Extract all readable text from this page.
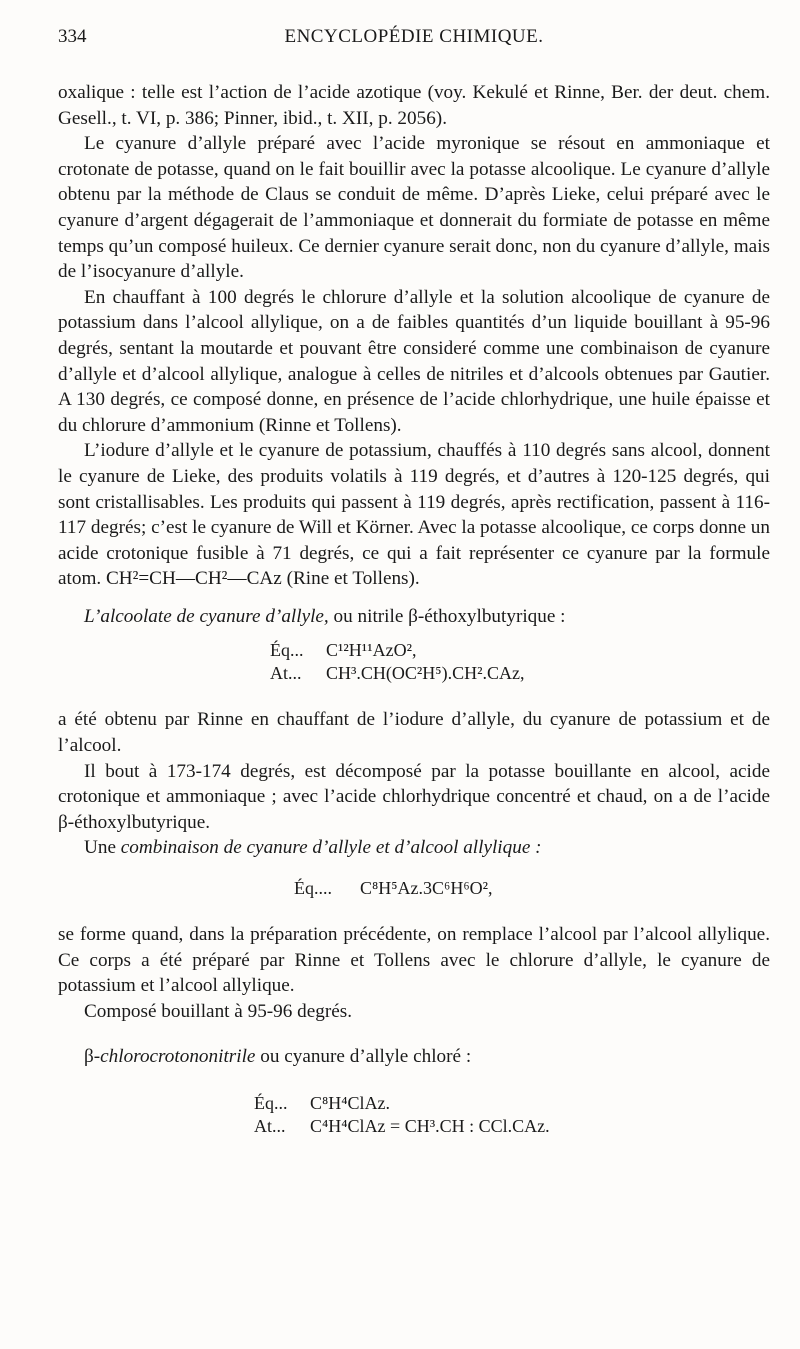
334	ENCYCLOPÉDIE CHIMIQUE.

oxalique : telle est l’action de l’acide azotique (voy. Kekulé et Rinne, Ber. der deut. chem. Gesell., t. VI, p. 386; Pinner, ibid., t. XII, p. 2056).

Le cyanure d’allyle préparé avec l’acide myronique se résout en ammoniaque et crotonate de potasse, quand on le fait bouillir avec la potasse alcoolique. Le cyanure d’allyle obtenu par la méthode de Claus se conduit de même. D’après Lieke, celui préparé avec le cyanure d’argent dégagerait de l’ammoniaque et donnerait du formiate de potasse en même temps qu’un composé huileux. Ce dernier cyanure serait donc, non du cyanure d’allyle, mais de l’isocyanure d’allyle.

En chauffant à 100 degrés le chlorure d’allyle et la solution alcoolique de cyanure de potassium dans l’alcool allylique, on a de faibles quantités d’un liquide bouillant à 95-96 degrés, sentant la moutarde et pouvant être consideré comme une combinaison de cyanure d’allyle et d’alcool allylique, analogue à celles de nitriles et d’alcools obtenues par Gautier. A 130 degrés, ce composé donne, en présence de l’acide chlorhydrique, une huile épaisse et du chlorure d’ammonium (Rinne et Tollens).

L’iodure d’allyle et le cyanure de potassium, chauffés à 110 degrés sans alcool, donnent le cyanure de Lieke, des produits volatils à 119 degrés, et d’autres à 120-125 degrés, qui sont cristallisables. Les produits qui passent à 119 degrés, après rectification, passent à 116-117 degrés; c’est le cyanure de Will et Körner. Avec la potasse alcoolique, ce corps donne un acide crotonique fusible à 71 degrés, ce qui a fait représenter ce cyanure par la formule atom. CH²=CH—CH²—CAz (Rine et Tollens).

L’alcoolate de cyanure d’allyle, ou nitrile β-éthoxylbutyrique :

Éq...	C¹²H¹¹AzO²,
At...	CH³.CH(OC²H⁵).CH².CAz,

a été obtenu par Rinne en chauffant de l’iodure d’allyle, du cyanure de potassium et de l’alcool.

Il bout à 173-174 degrés, est décomposé par la potasse bouillante en alcool, acide crotonique et ammoniaque ; avec l’acide chlorhydrique concentré et chaud, on a de l’acide β-éthoxylbutyrique.

Une combinaison de cyanure d’allyle et d’alcool allylique :

Éq....	C⁸H⁵Az.3C⁶H⁶O²,

se forme quand, dans la préparation précédente, on remplace l’alcool par l’alcool allylique. Ce corps a été préparé par Rinne et Tollens avec le chlorure d’allyle, le cyanure de potassium et l’alcool allylique.

Composé bouillant à 95-96 degrés.

β-chlorocrotononitrile ou cyanure d’allyle chloré :

Éq...	C⁸H⁴ClAz.
At...	C⁴H⁴ClAz = CH³.CH : CCl.CAz.
